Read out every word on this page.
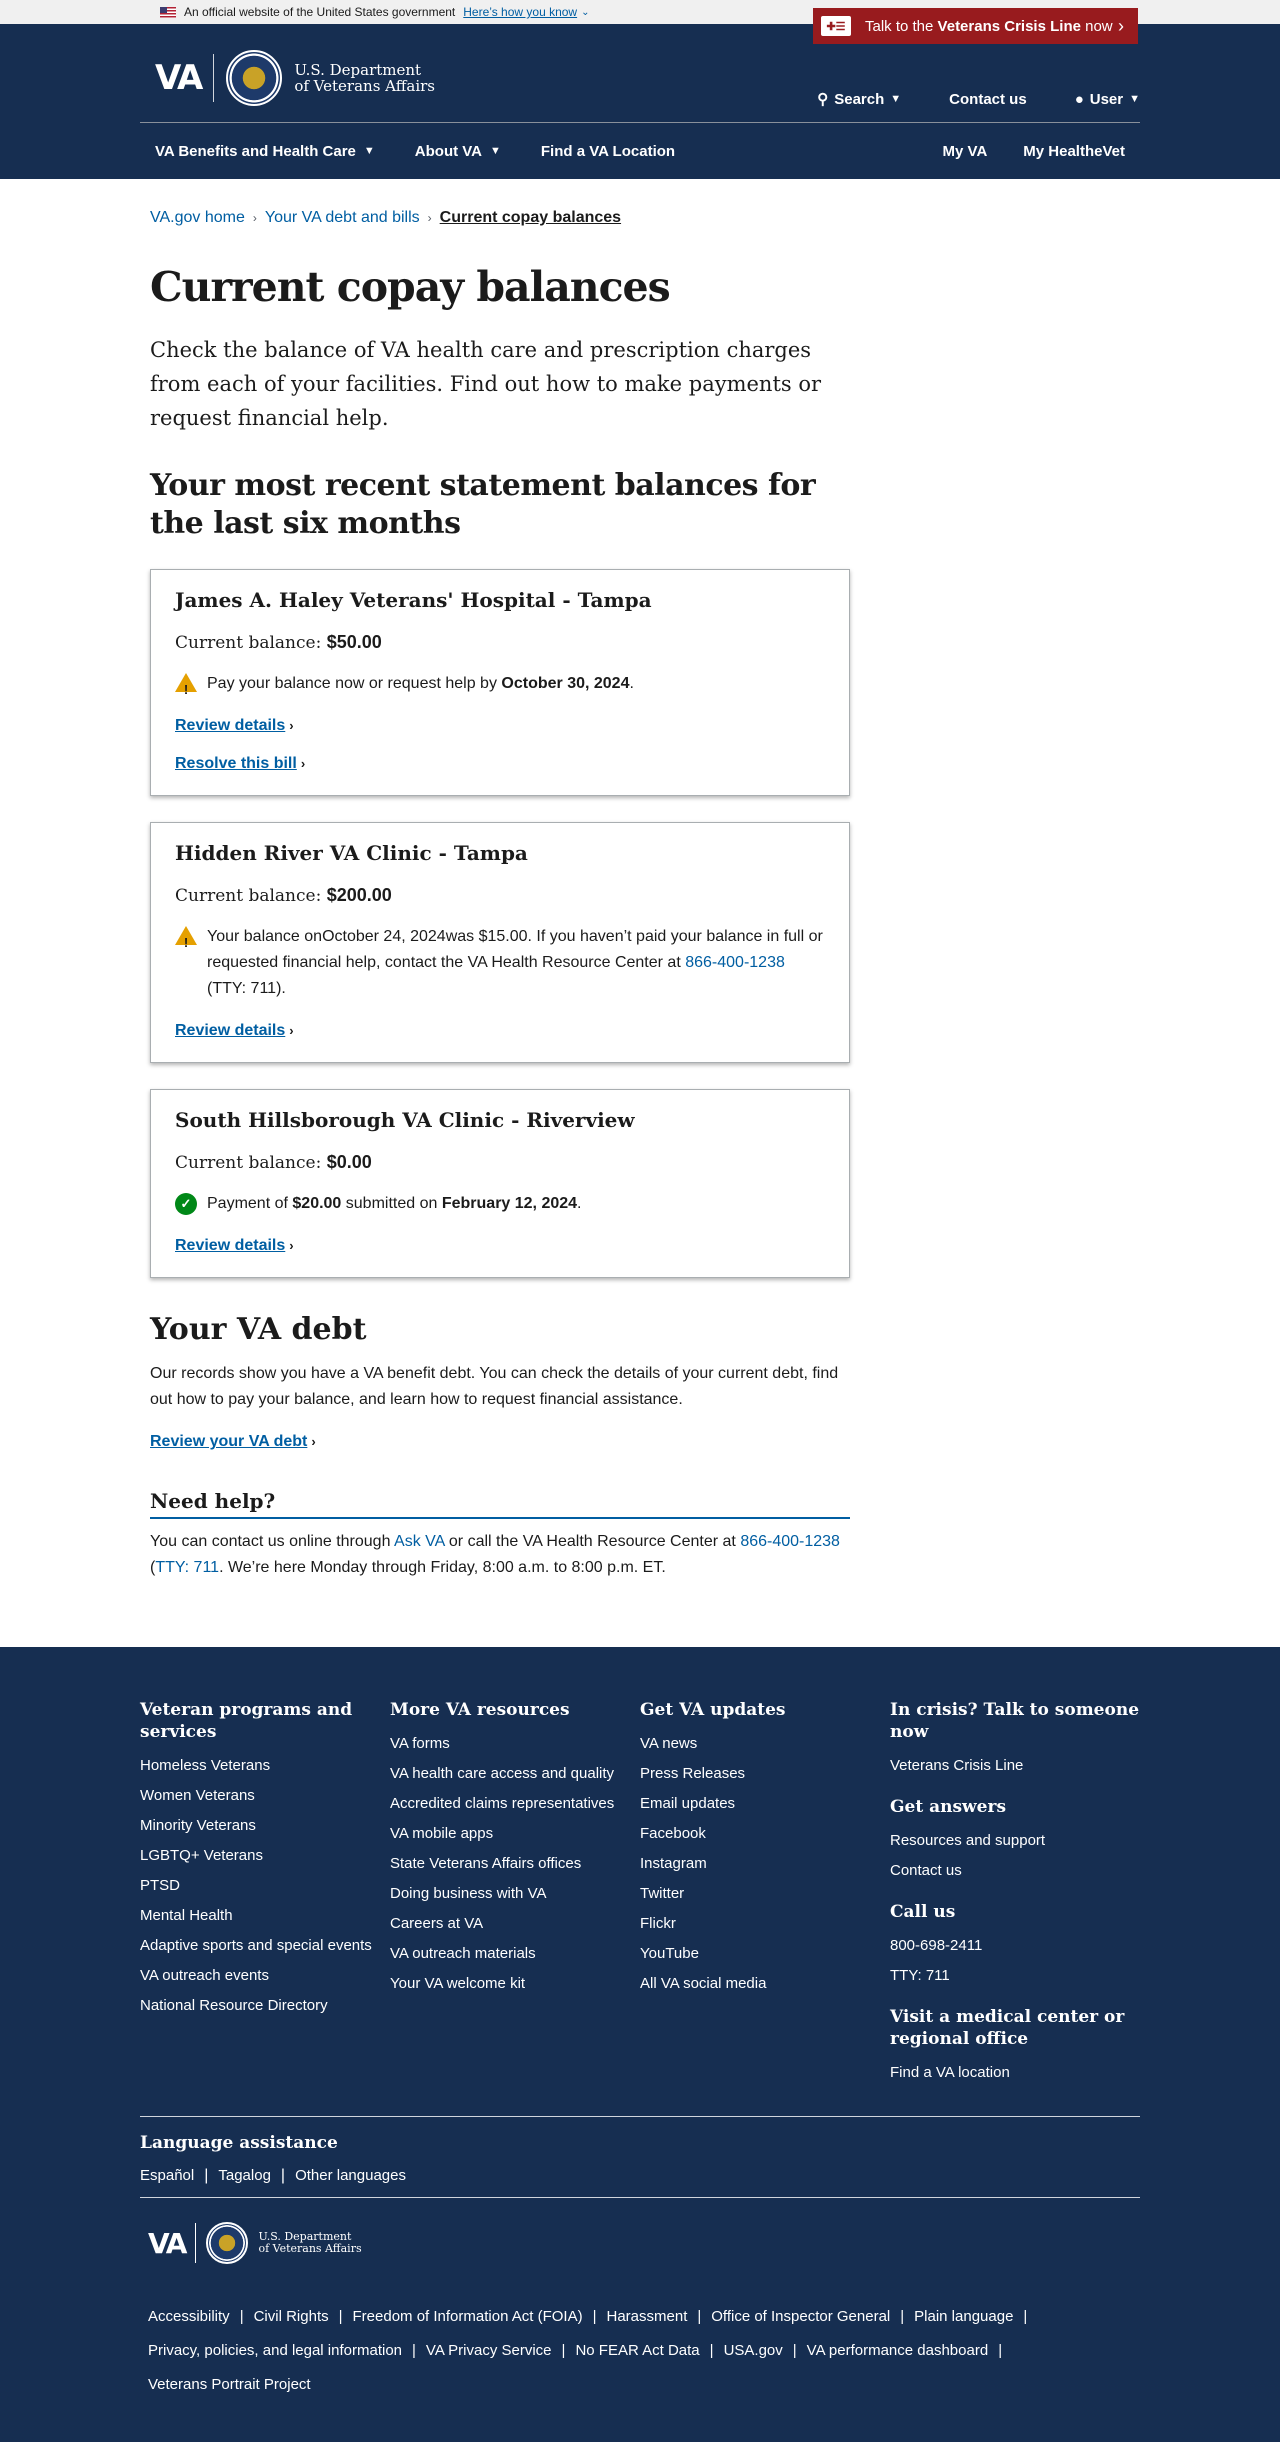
An official website of the United States government Here’s how you know ⌄
✚☰	Talk to the Veterans Crisis Line now ›
VA	U.S. Department
of Veterans Affairs
⚲ Search ▼	Contact us	● User ▼
VA Benefits and Health Care ▼	About VA ▼	Find a VA Location	My VA My HealtheVet
VA.gov home › Your VA debt and bills › Current copay balances
Current copay balances

Check the balance of VA health care and prescription charges from each of your facilities. Find out how to make payments or request financial help.

Your most recent statement balances for the last six months
James A. Haley Veterans' Hospital - Tampa

Current balance: $50.00

!
Pay your balance now or request help by October 30, 2024.
Review details ›
Resolve this bill ›
Hidden River VA Clinic - Tampa

Current balance: $200.00

!
Your balance onOctober 24, 2024was $15.00. If you haven’t paid your balance in full or requested financial help, contact the VA Health Resource Center at 866-400-1238 (TTY: 711).
Review details ›
South Hillsborough VA Clinic - Riverview

Current balance: $0.00

✓ Payment of $20.00 submitted on February 12, 2024.
Review details ›
Your VA debt

Our records show you have a VA benefit debt. You can check the details of your current debt, find out how to pay your balance, and learn how to request financial assistance.

Review your VA debt ›
Need help?

You can contact us online through Ask VA or call the VA Health Resource Center at 866-400-1238 (TTY: 711. We’re here Monday through Friday, 8:00 a.m. to 8:00 p.m. ET.

Veteran programs and services
Homeless Veterans
Women Veterans
Minority Veterans
LGBTQ+ Veterans
PTSD
Mental Health
Adaptive sports and special events
VA outreach events
National Resource Directory
More VA resources
VA forms
VA health care access and quality
Accredited claims representatives
VA mobile apps
State Veterans Affairs offices
Doing business with VA
Careers at VA
VA outreach materials
Your VA welcome kit
Get VA updates
VA news
Press Releases
Email updates
Facebook
Instagram
Twitter
Flickr
YouTube
All VA social media
In crisis? Talk to someone now
Veterans Crisis Line
Get answers
Resources and support
Contact us
Call us
800-698-2411
TTY: 711
Visit a medical center or regional office
Find a VA location
Language assistance
Español | Tagalog | Other languages
VA	U.S. Department
of Veterans Affairs
Accessibility | Civil Rights | Freedom of Information Act (FOIA) | Harassment | Office of Inspector General | Plain language |
Privacy, policies, and legal information | VA Privacy Service | No FEAR Act Data | USA.gov | VA performance dashboard |
Veterans Portrait Project
